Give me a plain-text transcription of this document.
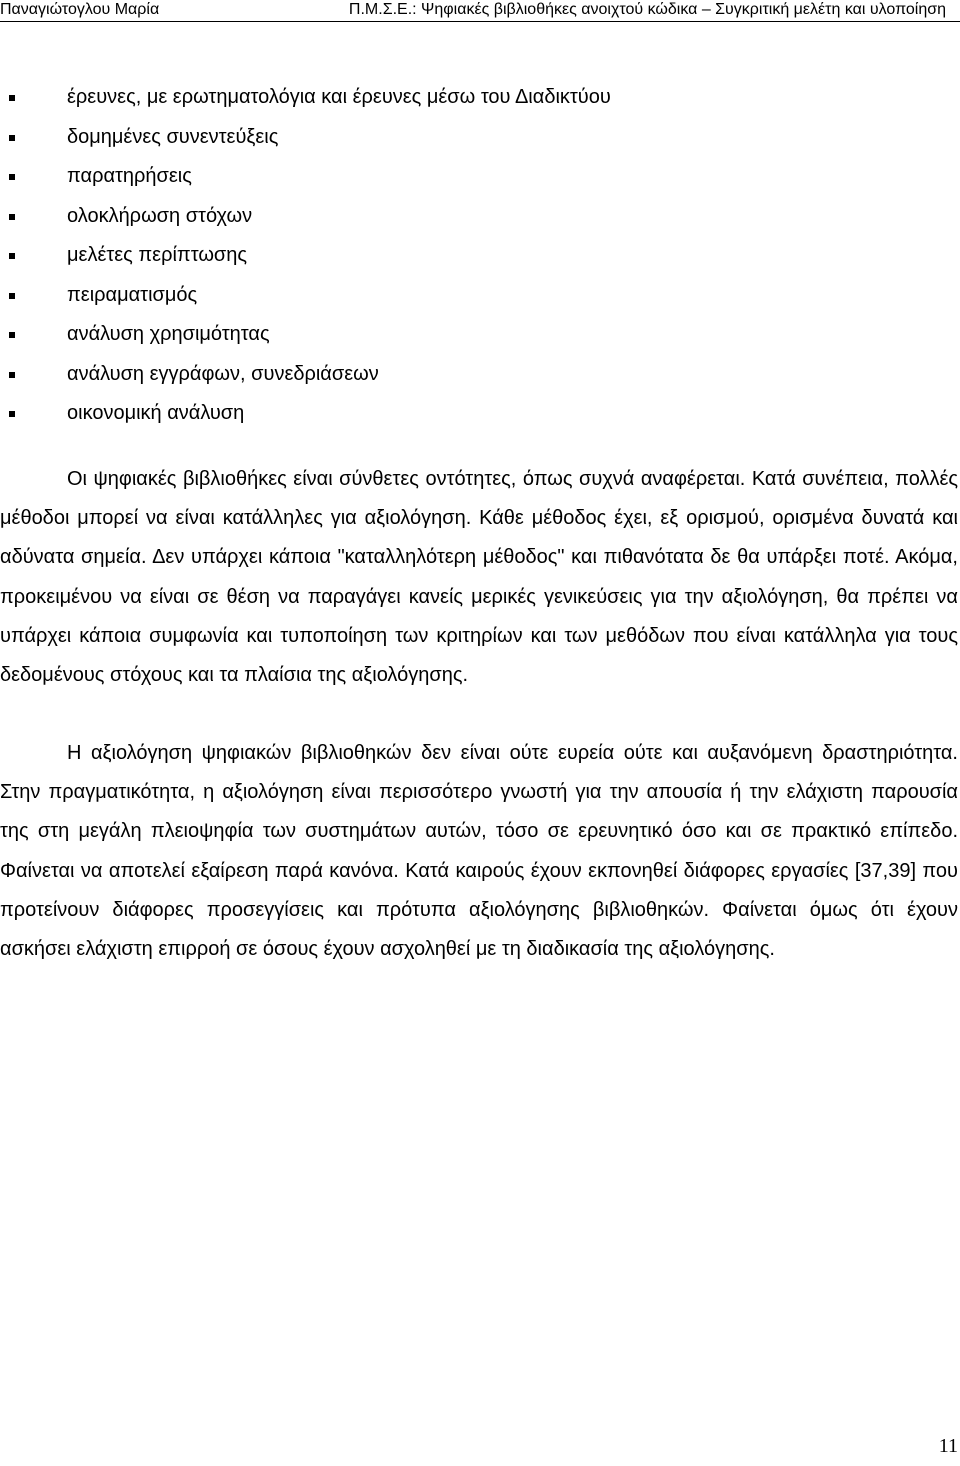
Παναγιώτογλου Μαρία	Π.Μ.Σ.Ε.: Ψηφιακές βιβλιοθήκες ανοιχτού κώδικα – Συγκριτική μελέτη και υλοποίηση
έρευνες, με ερωτηματολόγια και έρευνες μέσω του Διαδικτύου
δομημένες συνεντεύξεις
παρατηρήσεις
ολοκλήρωση στόχων
μελέτες περίπτωσης
πειραματισμός
ανάλυση χρησιμότητας
ανάλυση εγγράφων, συνεδριάσεων
οικονομική ανάλυση

Οι ψηφιακές βιβλιοθήκες είναι σύνθετες οντότητες, όπως συχνά αναφέρεται. Κατά συνέπεια, πολλές μέθοδοι μπορεί να είναι κατάλληλες για αξιολόγηση. Κάθε μέθοδος έχει, εξ ορισμού, ορισμένα δυνατά και αδύνατα σημεία. Δεν υπάρχει κάποια "καταλληλότερη μέθοδος" και πιθανότατα δε θα υπάρξει ποτέ. Ακόμα, προκειμένου να είναι σε θέση να παραγάγει κανείς μερικές γενικεύσεις για την αξιολόγηση, θα πρέπει να υπάρχει κάποια συμφωνία και τυποποίηση των κριτηρίων και των μεθόδων που είναι κατάλληλα για τους δεδομένους στόχους και τα πλαίσια της αξιολόγησης.

Η αξιολόγηση ψηφιακών βιβλιοθηκών δεν είναι ούτε ευρεία ούτε και αυξανόμενη δραστηριότητα. Στην πραγματικότητα, η αξιολόγηση είναι περισσότερο γνωστή για την απουσία ή την ελάχιστη παρουσία της στη μεγάλη πλειοψηφία των συστημάτων αυτών, τόσο σε ερευνητικό όσο και σε πρακτικό επίπεδο. Φαίνεται να αποτελεί εξαίρεση παρά κανόνα. Κατά καιρούς έχουν εκπονηθεί διάφορες εργασίες [37,39] που προτείνουν διάφορες προσεγγίσεις και πρότυπα αξιολόγησης βιβλιοθηκών. Φαίνεται όμως ότι έχουν ασκήσει ελάχιστη επιρροή σε όσους έχουν ασχοληθεί με τη διαδικασία της αξιολόγησης.

11
